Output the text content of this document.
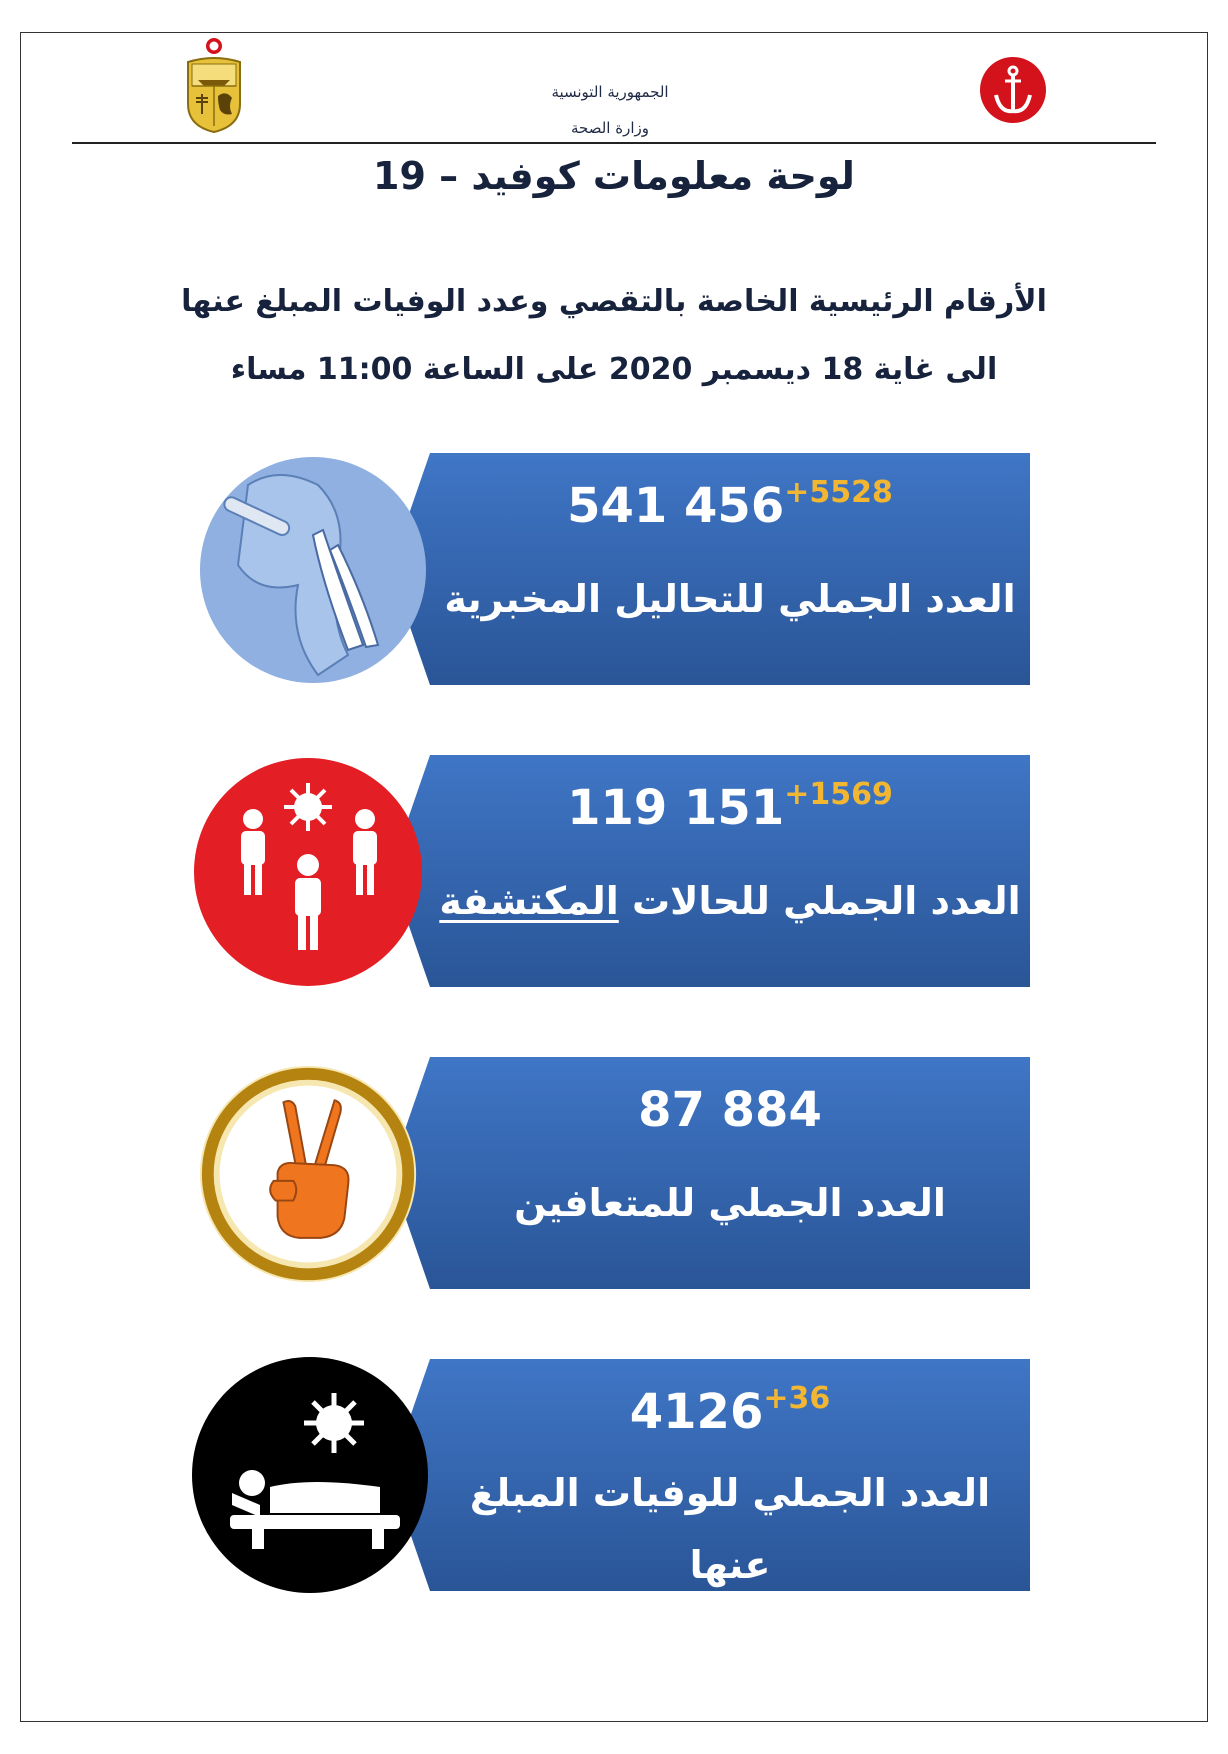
الجمهورية التونسية
وزارة الصحة
لوحة معلومات كوفيد – 19
الأرقام الرئيسية الخاصة بالتقصي وعدد الوفيات المبلغ عنها
الى غاية 18 ديسمبر 2020 على الساعة 11:00 مساء
541 $456^{+5528}$
العدد الجملي للتحاليل المخبرية
119 $151^{+1569}$
العدد الجملي للحالات المكتشفة
87 884
العدد الجملي للمتعافين
$4126^{+36}$
العدد الجملي للوفيات المبلغ
عنها
